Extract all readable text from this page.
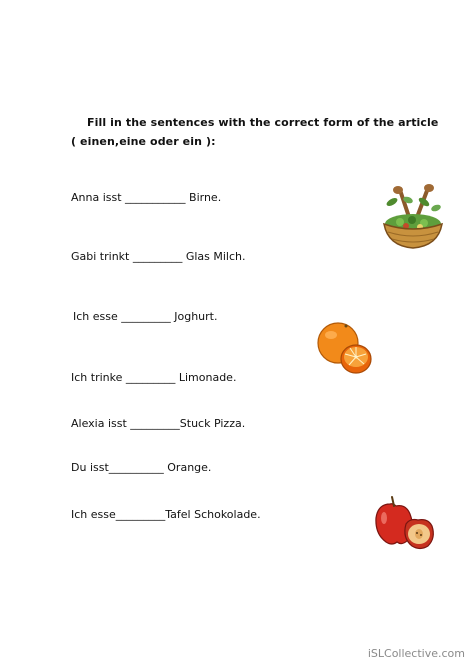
Fill in the sentences with the correct form of the article
( einen,eine oder ein ):
Anna isst ___________ Birne.
Gabi trinkt _________ Glas Milch.
Ich esse _________ Joghurt.
Ich trinke _________ Limonade.
Alexia isst _________Stuck Pizza.
Du isst__________ Orange.
Ich esse_________Tafel Schokolade.
iSLCollective.com
